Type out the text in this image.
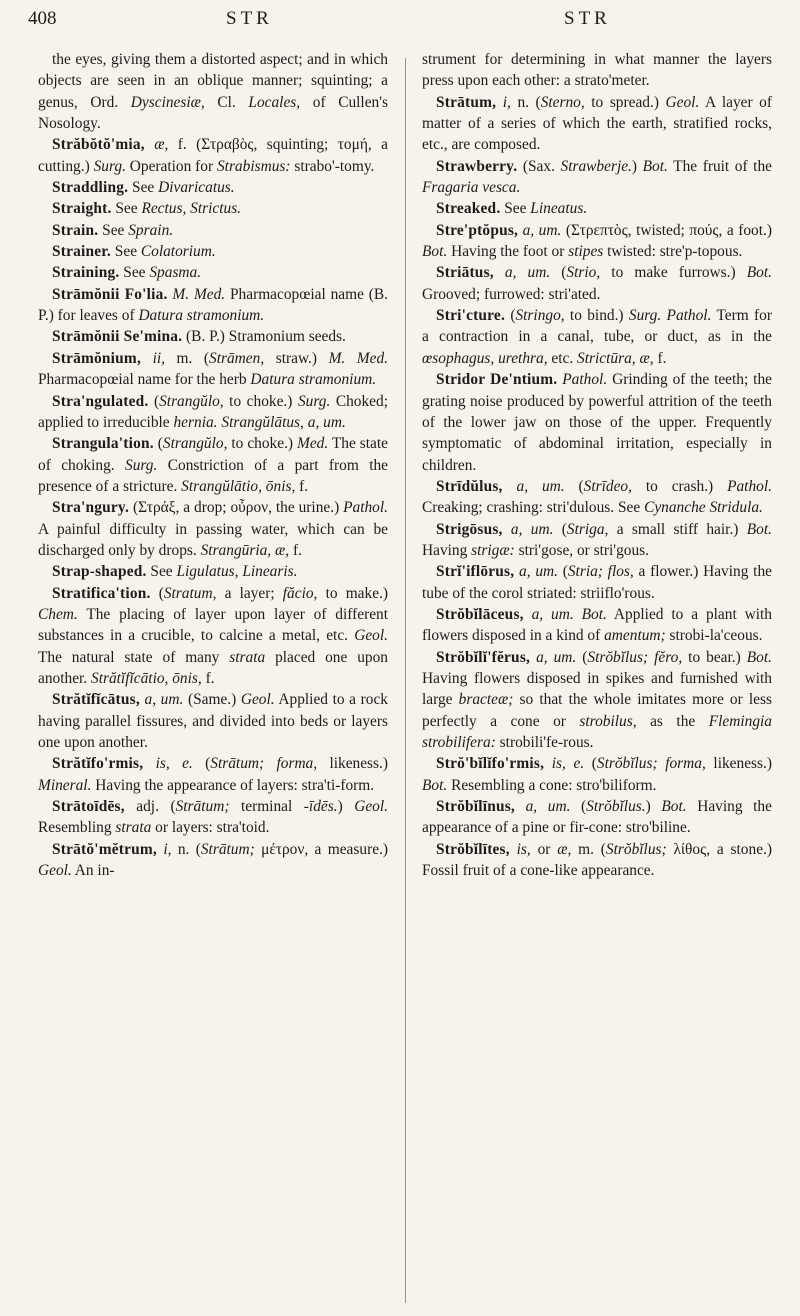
408	STR	STR

the eyes, giving them a distorted aspect; and in which objects are seen in an oblique manner; squinting; a genus, Ord. Dyscinesiæ, Cl. Locales, of Cullen's Nosology.

Străbŏtŏ'mia, æ, f. (Στραβὸς, squinting; τομή, a cutting.) Surg. Operation for Strabismus: strabo'-tomy.

Straddling. See Divaricatus.

Straight. See Rectus, Strictus.

Strain. See Sprain.

Strainer. See Colatorium.

Straining. See Spasma.

Strāmŏnii Fo'lia. M. Med. Pharmacopœial name (B. P.) for leaves of Datura stramonium.

Strāmŏnii Se'mina. (B. P.) Stramonium seeds.

Strāmŏnium, ii, m. (Strāmen, straw.) M. Med. Pharmacopœial name for the herb Datura stramonium.

Stra'ngulated. (Strangŭlo, to choke.) Surg. Choked; applied to irreducible hernia. Strangŭlātus, a, um.

Strangula'tion. (Strangŭlo, to choke.) Med. The state of choking. Surg. Constriction of a part from the presence of a stricture. Strangŭlātio, ōnis, f.

Stra'ngury. (Στράξ, a drop; οὖρον, the urine.) Pathol. A painful difficulty in passing water, which can be discharged only by drops. Strangūria, æ, f.

Strap-shaped. See Ligulatus, Linearis.

Stratifica'tion. (Stratum, a layer; făcio, to make.) Chem. The placing of layer upon layer of different substances in a crucible, to calcine a metal, etc. Geol. The natural state of many strata placed one upon another. Strătĭfĭcātio, ōnis, f.

Strătĭfĭcātus, a, um. (Same.) Geol. Applied to a rock having parallel fissures, and divided into beds or layers one upon another.

Strătĭfo'rmis, is, e. (Strātum; forma, likeness.) Mineral. Having the appearance of layers: stra'ti-form.

Strātoīdēs, adj. (Strātum; terminal -īdēs.) Geol. Resembling strata or layers: stra'toid.

Strātŏ'mĕtrum, i, n. (Strātum; μέτρον, a measure.) Geol. An in-

strument for determining in what manner the layers press upon each other: a strato'meter.

Strātum, i, n. (Sterno, to spread.) Geol. A layer of matter of a series of which the earth, stratified rocks, etc., are composed.

Strawberry. (Sax. Strawberje.) Bot. The fruit of the Fragaria vesca.

Streaked. See Lineatus.

Stre'ptŏpus, a, um. (Στρεπτὸς, twisted; πούς, a foot.) Bot. Having the foot or stipes twisted: stre'p-topous.

Striātus, a, um. (Strio, to make furrows.) Bot. Grooved; furrowed: stri'ated.

Stri'cture. (Stringo, to bind.) Surg. Pathol. Term for a contraction in a canal, tube, or duct, as in the œsophagus, urethra, etc. Strictūra, æ, f.

Stridor De'ntium. Pathol. Grinding of the teeth; the grating noise produced by powerful attrition of the teeth of the lower jaw on those of the upper. Frequently symptomatic of abdominal irritation, especially in children.

Strīdŭlus, a, um. (Strīdeo, to crash.) Pathol. Creaking; crashing: stri'dulous. See Cynanche Stridula.

Strigōsus, a, um. (Striga, a small stiff hair.) Bot. Having strigæ: stri'gose, or stri'gous.

Strĭ'iflōrus, a, um. (Stria; flos, a flower.) Having the tube of the corol striated: striiflo'rous.

Strŏbĭlāceus, a, um. Bot. Applied to a plant with flowers disposed in a kind of amentum; strobi-la'ceous.

Strŏbĭlĭ'fĕrus, a, um. (Strŏbĭlus; fĕro, to bear.) Bot. Having flowers disposed in spikes and furnished with large bracteæ; so that the whole imitates more or less perfectly a cone or strobilus, as the Flemingia strobilifera: strobili'fe-rous.

Strŏ'bĭlĭfo'rmis, is, e. (Strŏbĭlus; forma, likeness.) Bot. Resembling a cone: stro'biliform.

Strŏbĭlīnus, a, um. (Strŏbĭlus.) Bot. Having the appearance of a pine or fir-cone: stro'biline.

Strŏbĭlītes, is, or æ, m. (Strŏbĭlus; λίθος, a stone.) Fossil fruit of a cone-like appearance.
